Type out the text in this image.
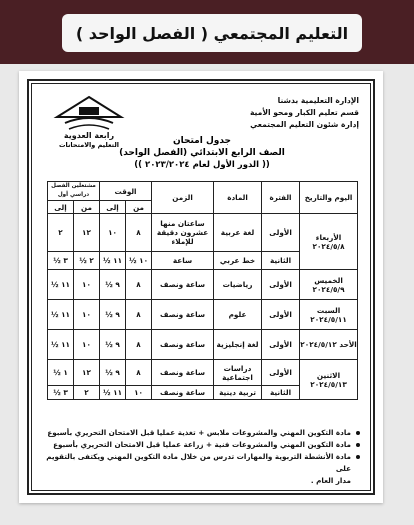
التعليم المجتمعي ( الفصل الواحد )
الإدارة التعليمية بدشنا
قسم تعليم الكبار ومحو الأمية
إدارة شئون التعليم المجتمعي
رابعة العدوية
التعليم والامتحانات	جدول امتحان
الصف الرابع الابتدائي (الفصل الواحد)
(( الدور الأول لعام ٢٠٢٣/٢٠٢٤ ))
اليوم والتاريخ	الفترة	المادة	الزمن	الوقت		مشتغلين الفصل دراسي أول	
				من	إلى	من	إلى
الأربعاء ٢٠٢٤/٥/٨	الأولى	لغة عربية	ساعتان منها عشرون دقيقة للإملاء	٨	١٠	١٢	٢
	الثانية	خط عربي	ساعة	١٠ ½	١١ ½	٢ ½	٣ ½
الخميس ٢٠٢٤/٥/٩	الأولى	رياضيات	ساعة ونصف	٨	٩ ½	١٠	١١ ½
السبت ٢٠٢٤/٥/١١	الأولى	علوم	ساعة ونصف	٨	٩ ½	١٠	١١ ½
الأحد ٢٠٢٤/٥/١٢	الأولى	لغة إنجليزية	ساعة ونصف	٨	٩ ½	١٠	١١ ½
الاثنين ٢٠٢٤/٥/١٣	الأولى	دراسات اجتماعية	ساعة ونصف	٨	٩ ½	١٢	١ ½
	الثانية	تربية دينية	ساعة ونصف	١٠	١١ ½	٢	٣ ½
مادة التكوين المهني والمشروعات ملابس + تغذية عمليا قبل الامتحان التحريري بأسبوع
مادة التكوين المهني والمشروعات فنية + زراعة عمليا قبل الامتحان التحريري بأسبوع
مادة الأنشطة التربوية والمهارات تدرس من خلال مادة التكوين المهني ويكتفى بالتقويم على
مدار العام .
